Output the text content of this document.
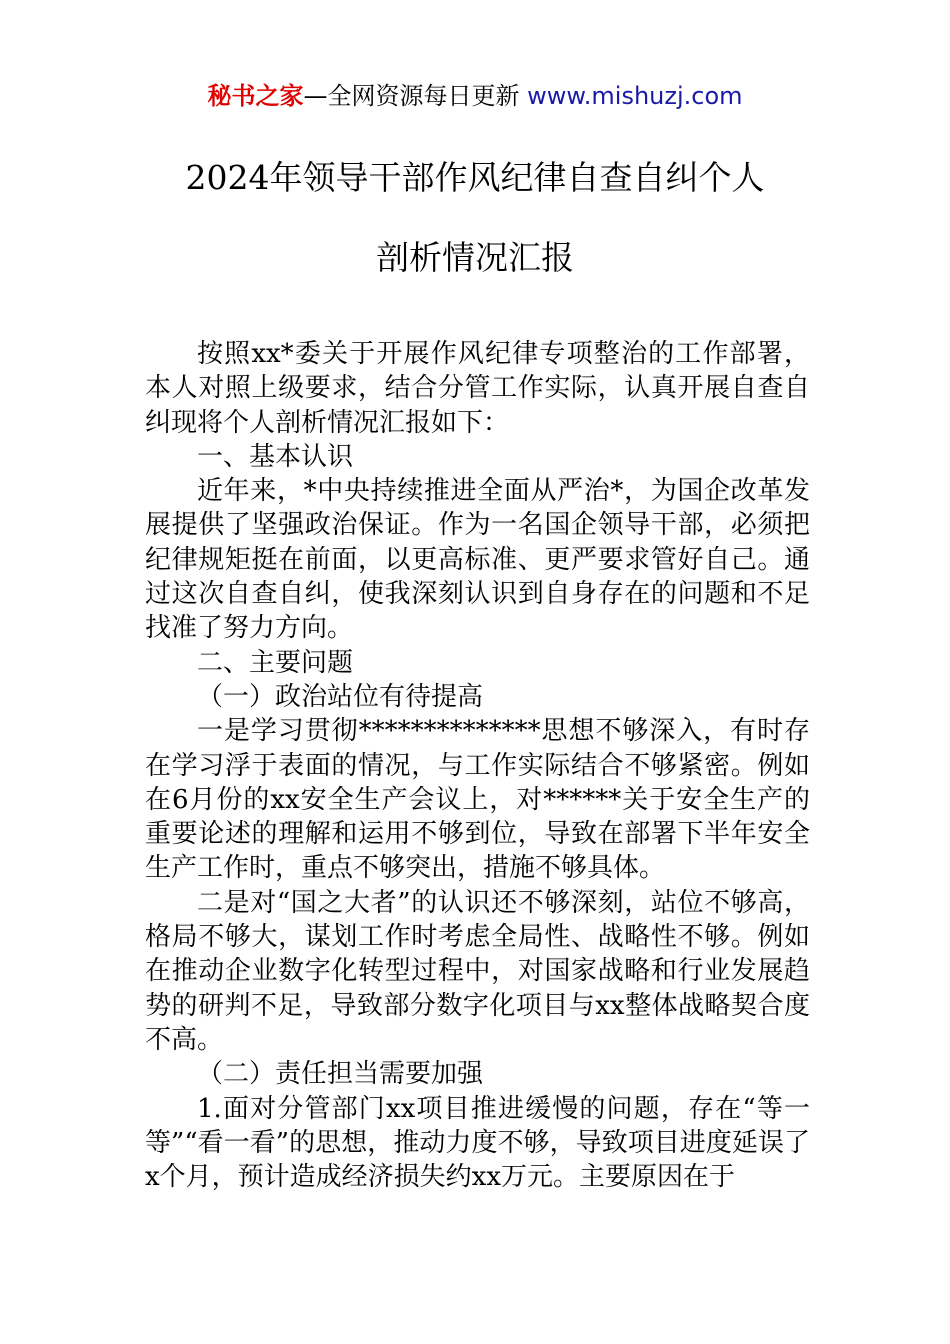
秘书之家—全网资源每日更新 www.mishuzj.com
2024年领导干部作风纪律自查自纠个人
剖析情况汇报

按照xx*委关于开展作风纪律专项整治的工作部署，本人对照上级要求，结合分管工作实际，认真开展自查自纠现将个人剖析情况汇报如下：

一、基本认识

近年来，*中央持续推进全面从严治*，为国企改革发展提供了坚强政治保证。作为一名国企领导干部，必须把纪律规矩挺在前面，以更高标准、更严要求管好自己。通过这次自查自纠，使我深刻认识到自身存在的问题和不足找准了努力方向。

二、主要问题

（一）政治站位有待提高

一是学习贯彻**************思想不够深入，有时存在学习浮于表面的情况，与工作实际结合不够紧密。例如在6月份的xx安全生产会议上，对******关于安全生产的重要论述的理解和运用不够到位，导致在部署下半年安全生产工作时，重点不够突出，措施不够具体。

二是对“国之大者”的认识还不够深刻，站位不够高，格局不够大，谋划工作时考虑全局性、战略性不够。例如在推动企业数字化转型过程中，对国家战略和行业发展趋势的研判不足，导致部分数字化项目与xx整体战略契合度不高。

（二）责任担当需要加强

1.面对分管部门xx项目推进缓慢的问题，存在“等一等”“看一看”的思想，推动力度不够，导致项目进度延误了x个月，预计造成经济损失约xx万元。主要原因在于
